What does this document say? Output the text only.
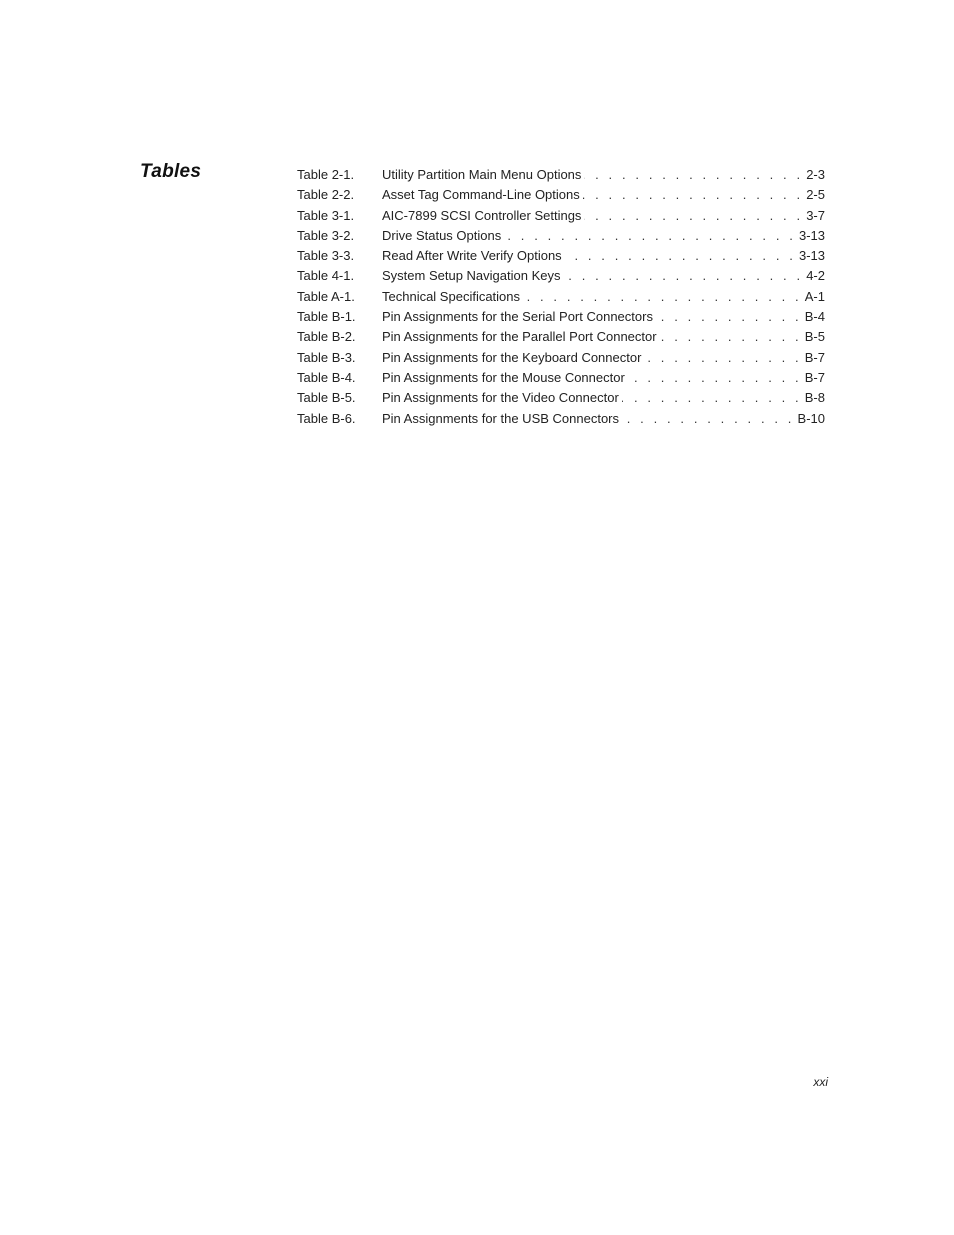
Tables	Table 2-1.	Utility Partition Main Menu Options . . .	2-3
Table 2-2.	Asset Tag Command-Line Options . . .	2-5
Table 3-1.	AIC-7899 SCSI Controller Settings . . .	3-7
Table 3-2.	Drive Status Options . . .	3-13
Table 3-3.	Read After Write Verify Options . . .	3-13
Table 4-1.	System Setup Navigation Keys . . .	4-2
Table A-1.	Technical Specifications . . .	A-1
Table B-1.	Pin Assignments for the Serial Port Connectors . . .	B-4
Table B-2.	Pin Assignments for the Parallel Port Connector . . .	B-5
Table B-3.	Pin Assignments for the Keyboard Connector . . .	B-7
Table B-4.	Pin Assignments for the Mouse Connector . . .	B-7
Table B-5.	Pin Assignments for the Video Connector . . .	B-8
Table B-6.	Pin Assignments for the USB Connectors . . .	B-10
xxi
